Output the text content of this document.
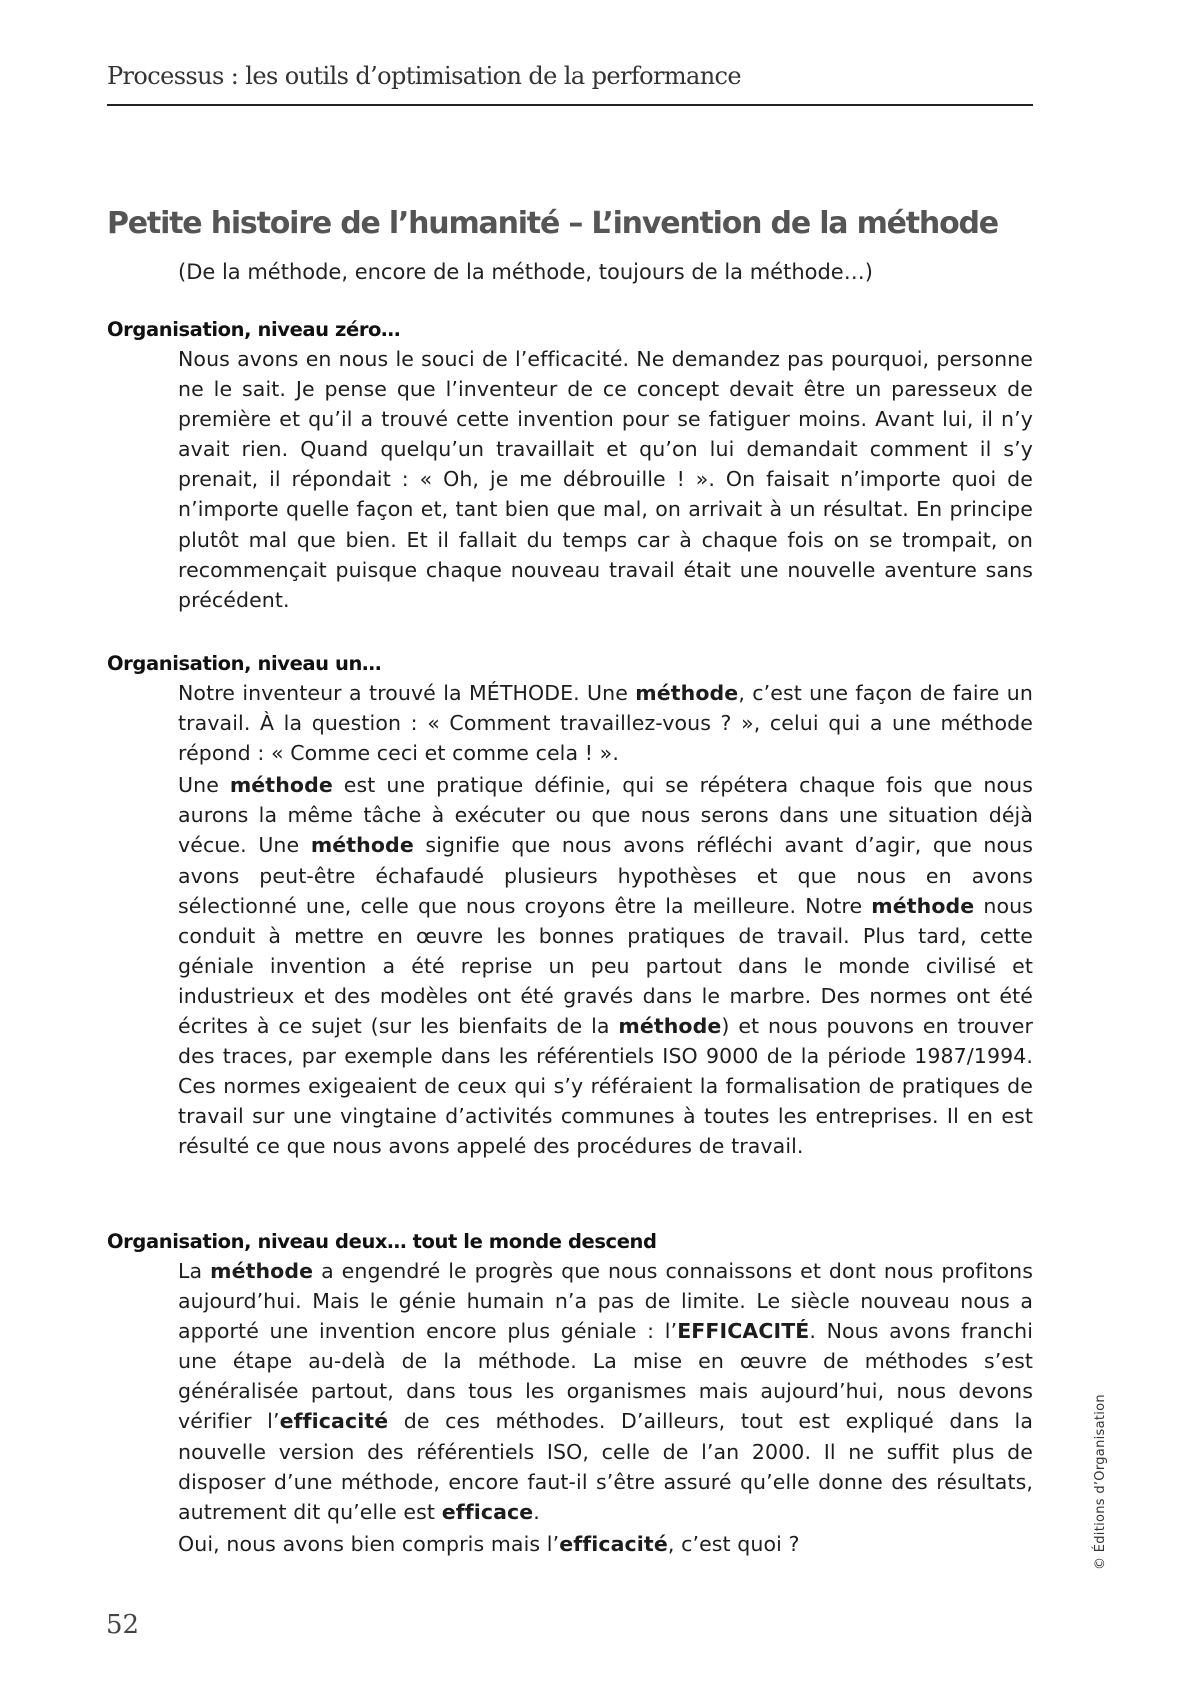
Processus : les outils d’optimisation de la performance
Petite histoire de l’humanité – L’invention de la méthode
(De la méthode, encore de la méthode, toujours de la méthode…)
Organisation, niveau zéro…

Nous avons en nous le souci de l’efficacité. Ne demandez pas pourquoi, personne ne le sait. Je pense que l’inventeur de ce concept devait être un paresseux de première et qu’il a trouvé cette invention pour se fatiguer moins. Avant lui, il n’y avait rien. Quand quelqu’un travaillait et qu’on lui demandait comment il s’y prenait, il répondait : « Oh, je me débrouille ! ». On faisait n’importe quoi de n’importe quelle façon et, tant bien que mal, on arrivait à un résultat. En principe plutôt mal que bien. Et il fallait du temps car à chaque fois on se trompait, on recommençait puisque chaque nouveau travail était une nouvelle aventure sans précédent.

Organisation, niveau un…

Notre inventeur a trouvé la MÉTHODE. Une méthode, c’est une façon de faire un travail. À la question : « Comment travaillez-vous ? », celui qui a une méthode répond : « Comme ceci et comme cela ! ».

Une méthode est une pratique définie, qui se répétera chaque fois que nous aurons la même tâche à exécuter ou que nous serons dans une situation déjà vécue. Une méthode signifie que nous avons réfléchi avant d’agir, que nous avons peut-être échafaudé plusieurs hypothèses et que nous en avons sélectionné une, celle que nous croyons être la meilleure. Notre méthode nous conduit à mettre en œuvre les bonnes pratiques de travail. Plus tard, cette géniale invention a été reprise un peu partout dans le monde civilisé et industrieux et des modèles ont été gravés dans le marbre. Des normes ont été écrites à ce sujet (sur les bienfaits de la méthode) et nous pouvons en trouver des traces, par exemple dans les référentiels ISO 9000 de la période 1987/1994. Ces normes exigeaient de ceux qui s’y référaient la formalisation de pratiques de travail sur une vingtaine d’activités communes à toutes les entreprises. Il en est résulté ce que nous avons appelé des procédures de travail.

Organisation, niveau deux… tout le monde descend

La méthode a engendré le progrès que nous connaissons et dont nous profitons aujourd’hui. Mais le génie humain n’a pas de limite. Le siècle nouveau nous a apporté une invention encore plus géniale : l’EFFICACITÉ. Nous avons franchi une étape au-delà de la méthode. La mise en œuvre de méthodes s’est généralisée partout, dans tous les organismes mais aujourd’hui, nous devons vérifier l’efficacité de ces méthodes. D’ailleurs, tout est expliqué dans la nouvelle version des référentiels ISO, celle de l’an 2000. Il ne suffit plus de disposer d’une méthode, encore faut-il s’être assuré qu’elle donne des résultats, autrement dit qu’elle est efficace.

Oui, nous avons bien compris mais l’efficacité, c’est quoi ?	© Éditions d’Organisation
52
